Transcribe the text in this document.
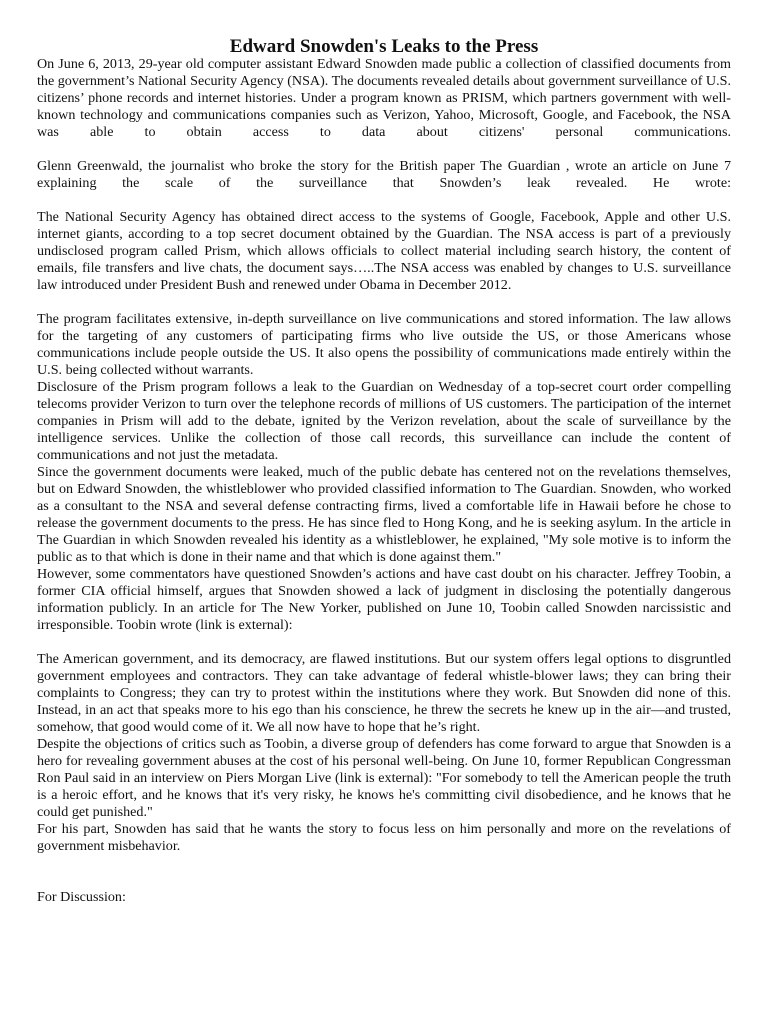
Edward Snowden's Leaks to the Press

On June 6, 2013, 29-year old computer assistant Edward Snowden made public a collection of classified documents from the government’s National Security Agency (NSA). The documents revealed details about government surveillance of U.S. citizens’ phone records and internet histories. Under a program known as PRISM, which partners government with well-known technology and communications companies such as Verizon, Yahoo, Microsoft, Google, and Facebook, the NSA was able to obtain access to data about citizens' personal communications.

Glenn Greenwald, the journalist who broke the story for the British paper The Guardian , wrote an article on June 7 explaining the scale of the surveillance that Snowden’s leak revealed. He wrote:

The National Security Agency has obtained direct access to the systems of Google, Facebook, Apple and other U.S. internet giants, according to a top secret document obtained by the Guardian. The NSA access is part of a previously undisclosed program called Prism, which allows officials to collect material including search history, the content of emails, file transfers and live chats, the document says…..The NSA access was enabled by changes to U.S. surveillance law introduced under President Bush and renewed under Obama in December 2012.

The program facilitates extensive, in-depth surveillance on live communications and stored information. The law allows for the targeting of any customers of participating firms who live outside the US, or those Americans whose communications include people outside the US. It also opens the possibility of communications made entirely within the U.S. being collected without warrants.

Disclosure of the Prism program follows a leak to the Guardian on Wednesday of a top-secret court order compelling telecoms provider Verizon to turn over the telephone records of millions of US customers. The participation of the internet companies in Prism will add to the debate, ignited by the Verizon revelation, about the scale of surveillance by the intelligence services. Unlike the collection of those call records, this surveillance can include the content of communications and not just the metadata.

Since the government documents were leaked, much of the public debate has centered not on the revelations themselves, but on Edward Snowden, the whistleblower who provided classified information to The Guardian. Snowden, who worked as a consultant to the NSA and several defense contracting firms, lived a comfortable life in Hawaii before he chose to release the government documents to the press. He has since fled to Hong Kong, and he is seeking asylum. In the article in The Guardian in which Snowden revealed his identity as a whistleblower, he explained, "My sole motive is to inform the public as to that which is done in their name and that which is done against them."

However, some commentators have questioned Snowden’s actions and have cast doubt on his character. Jeffrey Toobin, a former CIA official himself, argues that Snowden showed a lack of judgment in disclosing the potentially dangerous information publicly. In an article for The New Yorker, published on June 10, Toobin called Snowden narcissistic and irresponsible. Toobin wrote (link is external):

The American government, and its democracy, are flawed institutions. But our system offers legal options to disgruntled government employees and contractors. They can take advantage of federal whistle-blower laws; they can bring their complaints to Congress; they can try to protest within the institutions where they work. But Snowden did none of this. Instead, in an act that speaks more to his ego than his conscience, he threw the secrets he knew up in the air—and trusted, somehow, that good would come of it. We all now have to hope that he’s right.

Despite the objections of critics such as Toobin, a diverse group of defenders has come forward to argue that Snowden is a hero for revealing government abuses at the cost of his personal well-being. On June 10, former Republican Congressman Ron Paul said in an interview on Piers Morgan Live (link is external): "For somebody to tell the American people the truth is a heroic effort, and he knows that it's very risky, he knows he's committing civil disobedience, and he knows that he could get punished."

For his part, Snowden has said that he wants the story to focus less on him personally and more on the revelations of government misbehavior.

For Discussion:
